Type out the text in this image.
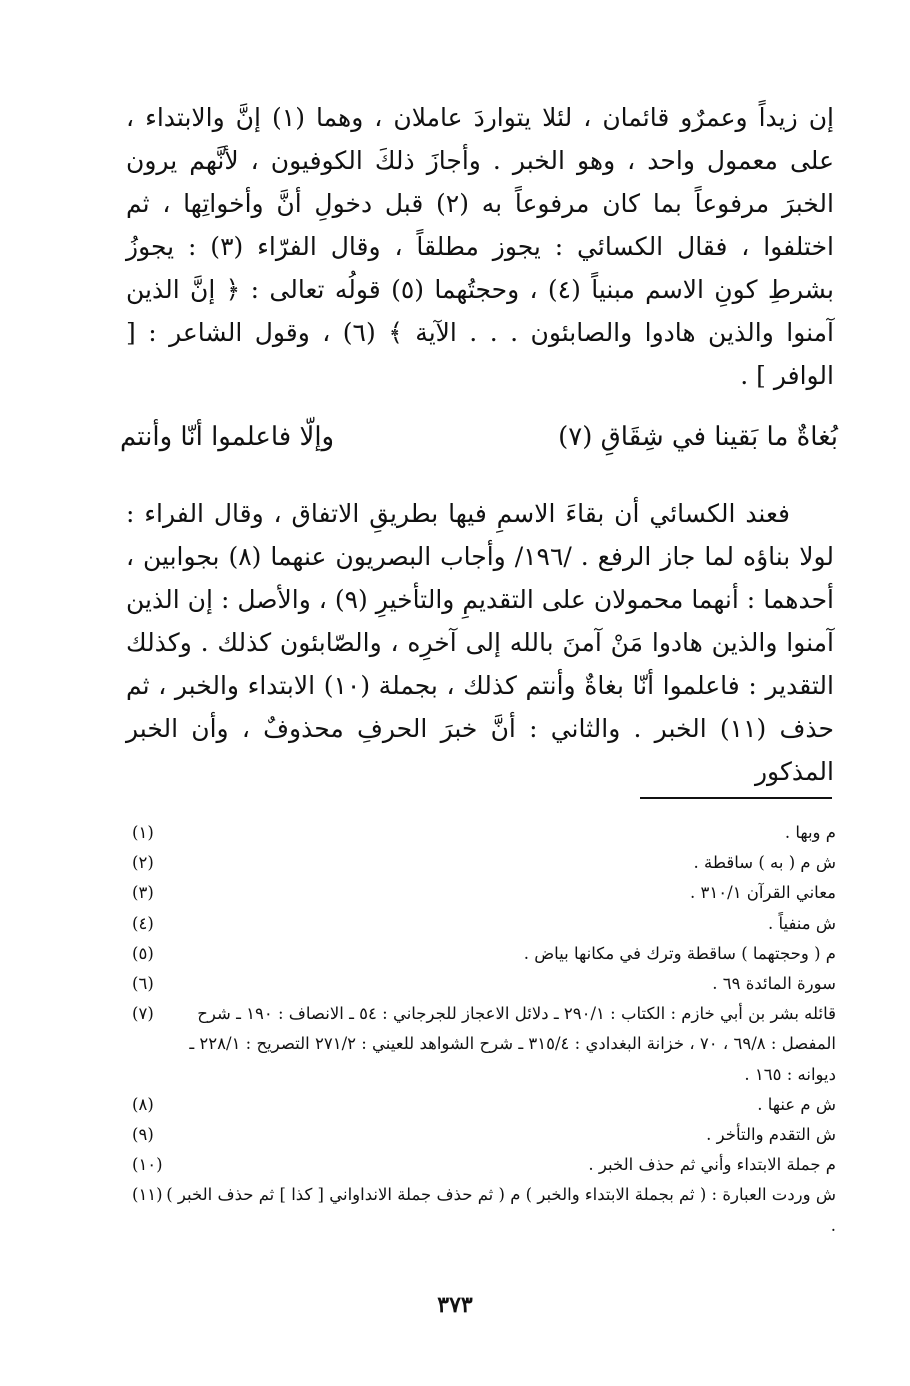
إن زيداً وعمرٌو قائمان ، لئلا يتواردَ عاملان ، وهما (١) إنَّ والابتداء ، على معمول واحد ، وهو الخبر . وأجازَ ذلكَ الكوفيون ، لأنَّهم يرون الخبرَ مرفوعاً بما كان مرفوعاً به (٢) قبل دخولِ أنَّ وأخواتِها ، ثم اختلفوا ، فقال الكسائي : يجوز مطلقاً ، وقال الفرّاء (٣) : يجوزُ بشرطِ كونِ الاسم مبنياً (٤) ، وحجتُهما (٥) قولُه تعالى : ﴿ إنَّ الذين آمنوا والذين هادوا والصابئون . . . الآية ﴾ (٦) ، وقول الشاعر : [ الوافر ] .

وإلّا فاعلموا أنّا وأنتم	بُغاةٌ ما بَقينا في شِقَاقِ (٧)

فعند الكسائي أن بقاءَ الاسمِ فيها بطريقِ الاتفاق ، وقال الفراء : لولا بناؤه لما جاز الرفع . /١٩٦/ وأجاب البصريون عنهما (٨) بجوابين ، أحدهما : أنهما محمولان على التقديمِ والتأخيرِ (٩) ، والأصل : إن الذين آمنوا والذين هادوا مَنْ آمنَ بالله إلى آخرِه ، والصّابئون كذلك . وكذلك التقدير : فاعلموا أنّا بغاةٌ وأنتم كذلك ، بجملة (١٠) الابتداء والخبر ، ثم حذف (١١) الخبر . والثاني : أنَّ خبرَ الحرفِ محذوفٌ ، وأن الخبر المذكور

(١)	م وبها .
(٢)	ش م ( به ) ساقطة .
(٣)	معاني القرآن ٣١٠/١ .
(٤)	ش منفياً .
(٥)	م ( وحجتهما ) ساقطة وترك في مكانها بياض .
(٦)	سورة المائدة ٦٩ .
(٧)	قائله بشر بن أبي خازم : الكتاب : ٢٩٠/١ ـ دلائل الاعجاز للجرجاني : ٥٤ ـ الانصاف : ١٩٠ ـ شرح المفصل : ٦٩/٨ ، ٧٠ ، خزانة البغدادي : ٣١٥/٤ ـ شرح الشواهد للعيني : ٢٧١/٢ التصريح : ٢٢٨/١ ـ ديوانه : ١٦٥ .
(٨)	ش م عنها .
(٩)	ش التقدم والتأخر .
(١٠)	م جملة الابتداء وأني ثم حذف الخبر .
(١١) ش وردت العبارة : ( ثم بجملة الابتداء والخبر ) م ( ثم حذف جملة الانداواني [ كذا ] ثم حذف الخبر ) .
٣٧٣
